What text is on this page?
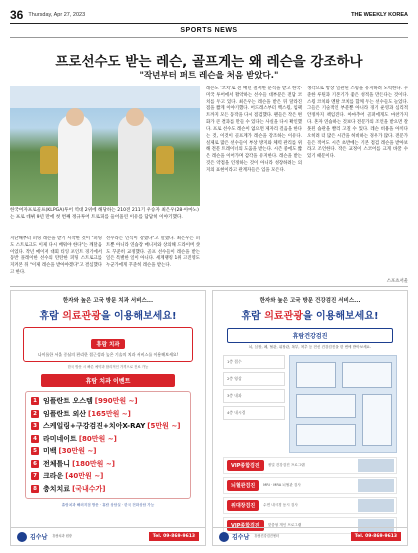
36 Thursday, Apr 27, 2023	THE WEEKLY KOREA
SPORTS NEWS
프로선수도 받는 레슨, 골프게는 왜 레슨을 강조하나
"작년부터 퍼트 레슨을 처음 받았다."
한국여자프로골프(KLPGA)투어 역대 2위에 해당하는 210전 211기 우승자 최은우(28·아마노)는 프로 데뷔 9년 만에 첫 번째 정규투어 트로피를 들어올린 이유를 담담히 이야기했다.
지난해부터 퍼팅 레슨을 받기 시작한 것이 "퍼팅도 스트로크도 이제 다시 배워야 한다"는 깨달음이었다. 작년 메이저 대회 티잉 포인트 경기에서 동반 플레이한 선수의 탄탄한 퍼팅 스트로크를 지켜본 뒤 "이제 레슨을 받아야겠다"고 결심했다고 한다.
선수라는 인식이 강했다"고 말했다. 최은우는 퍼트뿐 아니라 연습장 매니저와 상의해 드라이버 샷도 꾸준히 교정했다. 골프 선수들이 레슨을 받는 일은 특별한 일이 아니다. 세계랭킹 1위 고진영도 누군가에게 꾸준히 레슨을 받는다.
레슨도 '코치'로 전 매년 철저한 분석을 받고 한국·미국 투어에서 활약하는 선수들 대부분은 전담 코치를 두고 있다. 최은우는 레슨을 받은 뒤 달라진 점을 짧게 이야기했다. 어드레스부터 백스윙, 임팩트까지 모든 동작을 다시 점검했다. 팬들은 작은 변화가 큰 결과를 만들 수 있다는 사실을 다시 확인했다. 프로 선수도 레슨이 없으면 제자리 걸음을 한다는 것, 이것이 골프계가 레슨을 강조하는 이유다. 실제로 많은 선수들이 부상 방지와 체력 관리를 위해 전문 트레이너의 도움을 받는다. 시즌 중에도 짧은 레슨을 이어가며 감각을 유지한다. 레슨을 받는 것은 약점을 인정하는 것이 아니라 성장하려는 의지의 표현이라고 관계자들은 입을 모은다.
생각으로 항상 일관된 스윙을 유지하려 노력한다. 꾸준한 루틴과 기본기가 좋은 성적을 만든다는 것이다. 스윙 코치와 멘탈 코치를 함께 두는 선수들도 늘었다. 그들은 기술적인 부분뿐 아니라 경기 운영과 심리적 안정까지 책임진다. 아마추어 골퍼에게도 마찬가지다. 혼자 연습하는 것보다 전문가의 조언을 받으면 잘못된 습관을 빨리 고칠 수 있다. 레슨 비용을 아끼다 오히려 더 많은 시간을 허비하는 경우가 많다. 전문가들은 적어도 시즌 초반에는 기본 점검 레슨을 받아보라고 조언한다. 작은 교정이 스코어를 크게 바꿀 수 있기 때문이다.
스포츠서울
한자와 높은 고국 방문 치과 서비스...
휴람 의료관광을 이용해보세요!
휴람 치과
나이롭한 서울 중심의 편리한 접근성과 높은 기술의 치과 서비스를 이용해보세요!
한국 방문 시 빠른 예약과 합리적인 가격으로 진료 가능
휴람 치과 이벤트
1 임플란트 오스템 [990만원 ~]
2 임플란트 외산 [165만원 ~]
3 스케일링+구강검진+치아X-RAY [5만원 ~]
4 라미네이트 [80만원 ~]
5 미백 [30만원 ~]
6 전체틀니 [180만원 ~]
7 크라운 [40만원 ~]
8 충치치료 [국내수가]
휴람치과 해외지점 방문 · 휴람 상담실 · 한국 전화상담 가능
김수남 휴람치과 원장	Tel. 09-869-9613
한자와 높은 고국 방문 건강검진 서비스...
휴람 의료관광을 이용해보세요!
휴람건강검진
뇌, 심장, 폐, 혈관, 위장관, 복부, 척추 등 전신 건강검진을 한 번에 받아보세요.
1층 접수
2층 영상
3층 내과
4층 내시경
VIP종합검진	정밀 건강검진 프로그램
뇌혈관검진	MRI · MRA 뇌혈관 검사
위대장검진	수면 내시경 동시 검사
VIP종합검진	맞춤형 개인 프로그램
김수남 휴람건강검진센터	Tel. 09-869-9613
